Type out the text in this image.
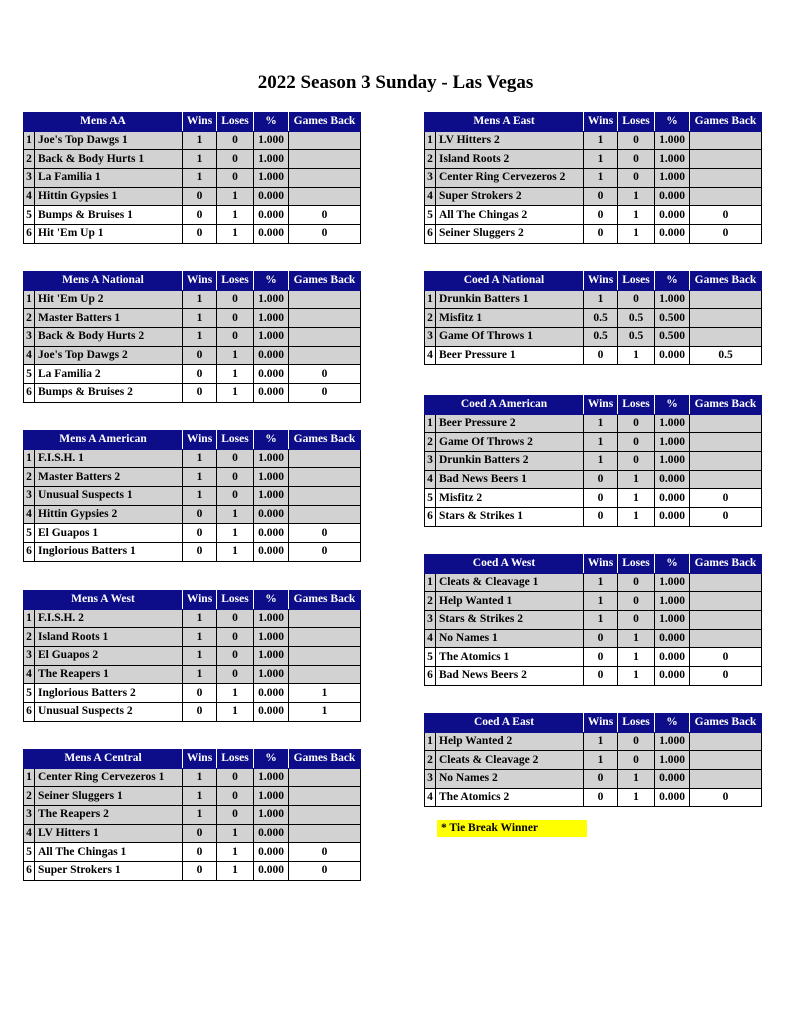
2022 Season 3 Sunday - Las Vegas
Mens AA		Wins	Loses	%	Games Back
1	Joe's Top Dawgs 1	1	0	1.000	
2	Back & Body Hurts 1	1	0	1.000	
3	La Familia 1	1	0	1.000	
4	Hittin Gypsies 1	0	1	0.000	
5	Bumps & Bruises 1	0	1	0.000	0
6	Hit 'Em Up 1	0	1	0.000	0
Mens A National		Wins	Loses	%	Games Back
1	Hit 'Em Up 2	1	0	1.000	
2	Master Batters 1	1	0	1.000	
3	Back & Body Hurts 2	1	0	1.000	
4	Joe's Top Dawgs 2	0	1	0.000	
5	La Familia 2	0	1	0.000	0
6	Bumps & Bruises 2	0	1	0.000	0
Mens A American		Wins	Loses	%	Games Back
1	F.I.S.H. 1	1	0	1.000	
2	Master Batters 2	1	0	1.000	
3	Unusual Suspects 1	1	0	1.000	
4	Hittin Gypsies 2	0	1	0.000	
5	El Guapos 1	0	1	0.000	0
6	Inglorious Batters 1	0	1	0.000	0
Mens A West		Wins	Loses	%	Games Back
1	F.I.S.H. 2	1	0	1.000	
2	Island Roots 1	1	0	1.000	
3	El Guapos 2	1	0	1.000	
4	The Reapers 1	1	0	1.000	
5	Inglorious Batters 2	0	1	0.000	1
6	Unusual Suspects 2	0	1	0.000	1
Mens A Central		Wins	Loses	%	Games Back
1	Center Ring Cervezeros 1	1	0	1.000	
2	Seiner Sluggers 1	1	0	1.000	
3	The Reapers 2	1	0	1.000	
4	LV Hitters 1	0	1	0.000	
5	All The Chingas 1	0	1	0.000	0
6	Super Strokers 1	0	1	0.000	0
Mens A East		Wins	Loses	%	Games Back
1	LV Hitters 2	1	0	1.000	
2	Island Roots 2	1	0	1.000	
3	Center Ring Cervezeros 2	1	0	1.000	
4	Super Strokers 2	0	1	0.000	
5	All The Chingas 2	0	1	0.000	0
6	Seiner Sluggers 2	0	1	0.000	0
Coed A National		Wins	Loses	%	Games Back
1	Drunkin Batters 1	1	0	1.000	
2	Misfitz 1	0.5	0.5	0.500	
3	Game Of Throws 1	0.5	0.5	0.500	
4	Beer Pressure 1	0	1	0.000	0.5
Coed A American		Wins	Loses	%	Games Back
1	Beer Pressure 2	1	0	1.000	
2	Game Of Throws 2	1	0	1.000	
3	Drunkin Batters 2	1	0	1.000	
4	Bad News Beers 1	0	1	0.000	
5	Misfitz 2	0	1	0.000	0
6	Stars & Strikes 1	0	1	0.000	0
Coed A West		Wins	Loses	%	Games Back
1	Cleats & Cleavage 1	1	0	1.000	
2	Help Wanted 1	1	0	1.000	
3	Stars & Strikes 2	1	0	1.000	
4	No Names 1	0	1	0.000	
5	The Atomics 1	0	1	0.000	0
6	Bad News Beers 2	0	1	0.000	0
Coed A East		Wins	Loses	%	Games Back
1	Help Wanted 2	1	0	1.000	
2	Cleats & Cleavage 2	1	0	1.000	
3	No Names 2	0	1	0.000	
4	The Atomics 2	0	1	0.000	0
* Tie Break Winner
